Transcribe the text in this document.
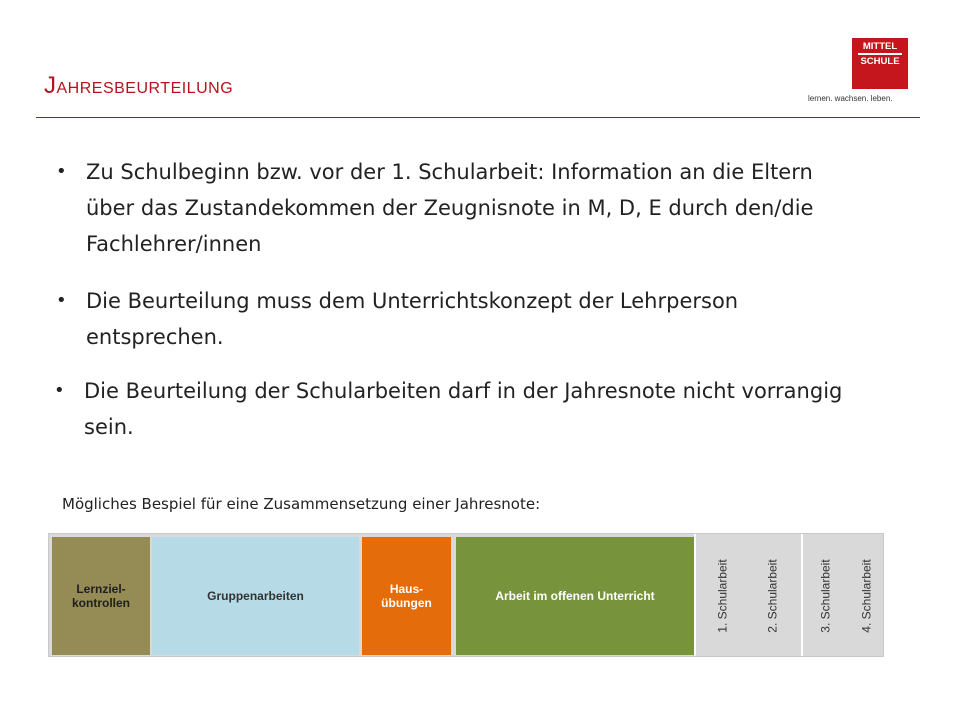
JAHRESBEURTEILUNG
MITTEL
SCHULE
lernen. wachsen. leben.
• Zu Schulbeginn bzw. vor der 1. Schularbeit: Information an die Eltern über das Zustandekommen der Zeugnisnote in M, D, E durch den/die Fachlehrer/innen
• Die Beurteilung muss dem Unterrichtskonzept der Lehrperson entsprechen.
• Die Beurteilung der Schularbeiten darf in der Jahresnote nicht vorrangig sein.
Mögliches Bespiel für eine Zusammensetzung einer Jahresnote:
Lernziel-
kontrollen	Gruppenarbeiten	Haus-
übungen	Arbeit im offenen Unterricht	1. Schularbeit	2. Schularbeit	3. Schularbeit 4. Schularbeit
